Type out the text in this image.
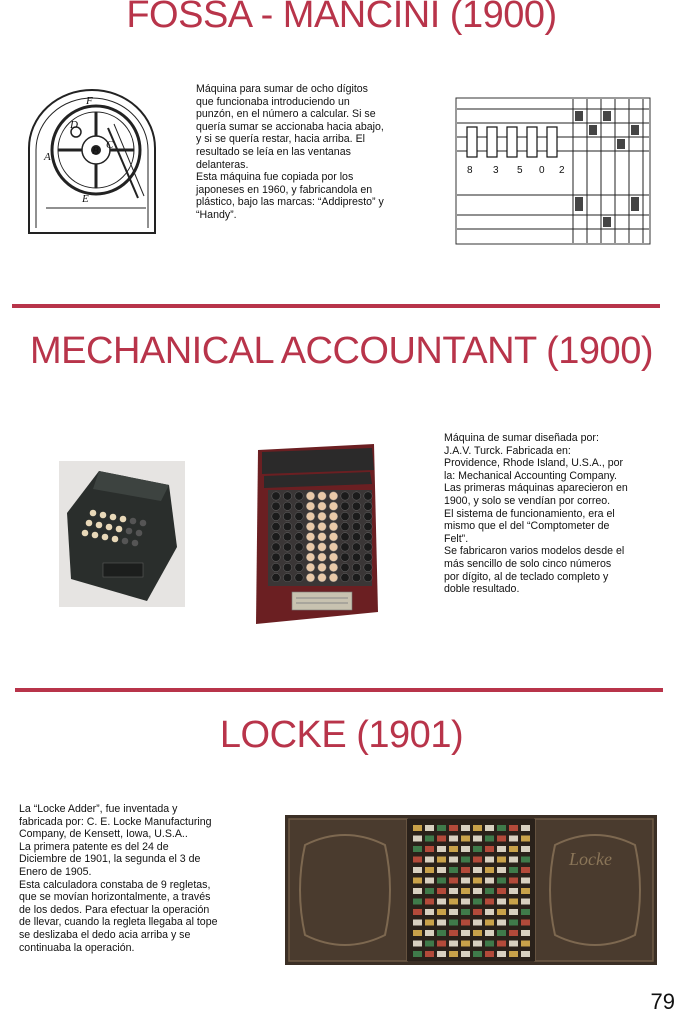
FOSSA - MANCINI (1900)
F
D
B C
A
E
Máquina para sumar de ocho dígitos
que funcionaba introduciendo un
punzón, en el número a calcular. Si se
quería sumar se accionaba hacia abajo,
y si se quería restar, hacia arriba. El
resultado se leía en las ventanas
delanteras.
Esta máquina fue copiada por los
japoneses en 1960, y fabricandola en
plástico, bajo las marcas: “Addipresto” y
“Handy”.
8 3 5 0 2
MECHANICAL ACCOUNTANT (1900)
Máquina de sumar diseñada por:
J.A.V. Turck. Fabricada en:
Providence, Rhode Island, U.S.A., por
la: Mechanical Accounting Company.
Las primeras máquinas aparecieron en
1900, y solo se vendían por correo.
El sistema de funcionamiento, era el
mismo que el del “Comptometer de
Felt”.
Se fabricaron varios modelos desde el
más sencillo de solo cinco números
por dígito, al de teclado completo y
doble resultado.
LOCKE (1901)
La “Locke Adder”, fue inventada y
fabricada por: C. E. Locke Manufacturing
Company, de Kensett, Iowa, U.S.A..
La primera patente es del 24 de
Diciembre de 1901, la segunda el 3 de
Enero de 1905.
Esta calculadora constaba de 9 regletas,
que se movían horizontalmente, a través
de los dedos. Para efectuar la operación
de llevar, cuando la regleta llegaba al tope
se deslizaba el dedo acia arriba y se
continuaba la operación.
Locke
79
